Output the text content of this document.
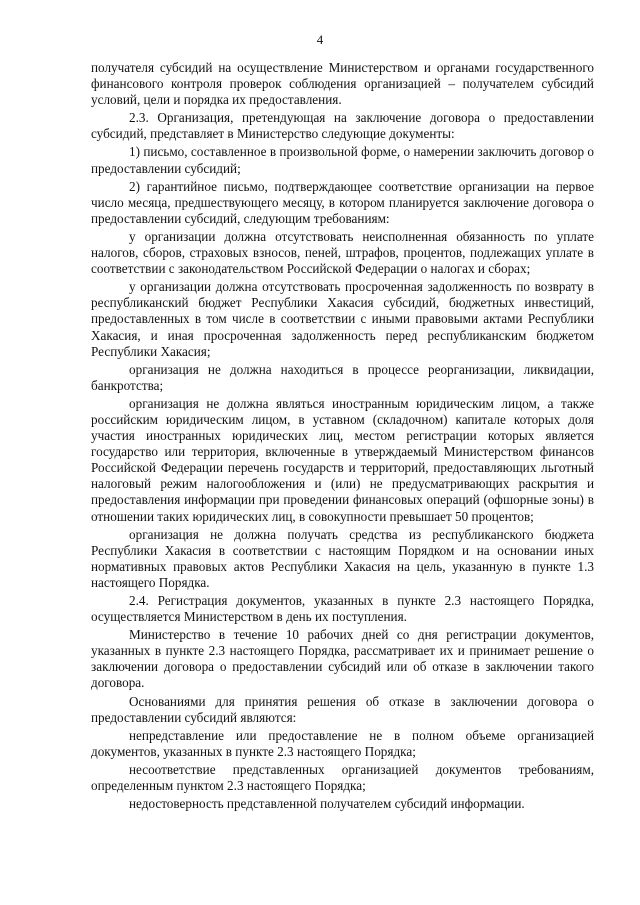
4

получателя субсидий на осуществление Министерством и органами государственного финансового контроля проверок соблюдения организацией – получателем субсидий условий, цели и порядка их предоставления.

2.3. Организация, претендующая на заключение договора о предоставлении субсидий, представляет в Министерство следующие документы:

1) письмо, составленное в произвольной форме, о намерении заключить договор о предоставлении субсидий;

2) гарантийное письмо, подтверждающее соответствие организации на первое число месяца, предшествующего месяцу, в котором планируется заключение договора о предоставлении субсидий, следующим требованиям:

у организации должна отсутствовать неисполненная обязанность по уплате налогов, сборов, страховых взносов, пеней, штрафов, процентов, подлежащих уплате в соответствии с законодательством Российской Федерации о налогах и сборах;

у организации должна отсутствовать просроченная задолженность по возврату в республиканский бюджет Республики Хакасия субсидий, бюджетных инвестиций, предоставленных в том числе в соответствии с иными правовыми актами Республики Хакасия, и иная просроченная задолженность перед республиканским бюджетом Республики Хакасия;

организация не должна находиться в процессе реорганизации, ликвидации, банкротства;

организация не должна являться иностранным юридическим лицом, а также российским юридическим лицом, в уставном (складочном) капитале которых доля участия иностранных юридических лиц, местом регистрации которых является государство или территория, включенные в утверждаемый Министерством финансов Российской Федерации перечень государств и территорий, предоставляющих льготный налоговый режим налогообложения и (или) не предусматривающих раскрытия и предоставления информации при проведении финансовых операций (офшорные зоны) в отношении таких юридических лиц, в совокупности превышает 50 процентов;

организация не должна получать средства из республиканского бюджета Республики Хакасия в соответствии с настоящим Порядком и на основании иных нормативных правовых актов Республики Хакасия на цель, указанную в пункте 1.3 настоящего Порядка.

2.4. Регистрация документов, указанных в пункте 2.3 настоящего Порядка, осуществляется Министерством в день их поступления.

Министерство в течение 10 рабочих дней со дня регистрации документов, указанных в пункте 2.3 настоящего Порядка, рассматривает их и принимает решение о заключении договора о предоставлении субсидий или об отказе в заключении такого договора.

Основаниями для принятия решения об отказе в заключении договора о предоставлении субсидий являются:

непредставление или предоставление не в полном объеме организацией документов, указанных в пункте 2.3 настоящего Порядка;

несоответствие представленных организацией документов требованиям, определенным пунктом 2.3 настоящего Порядка;

недостоверность представленной получателем субсидий информации.
